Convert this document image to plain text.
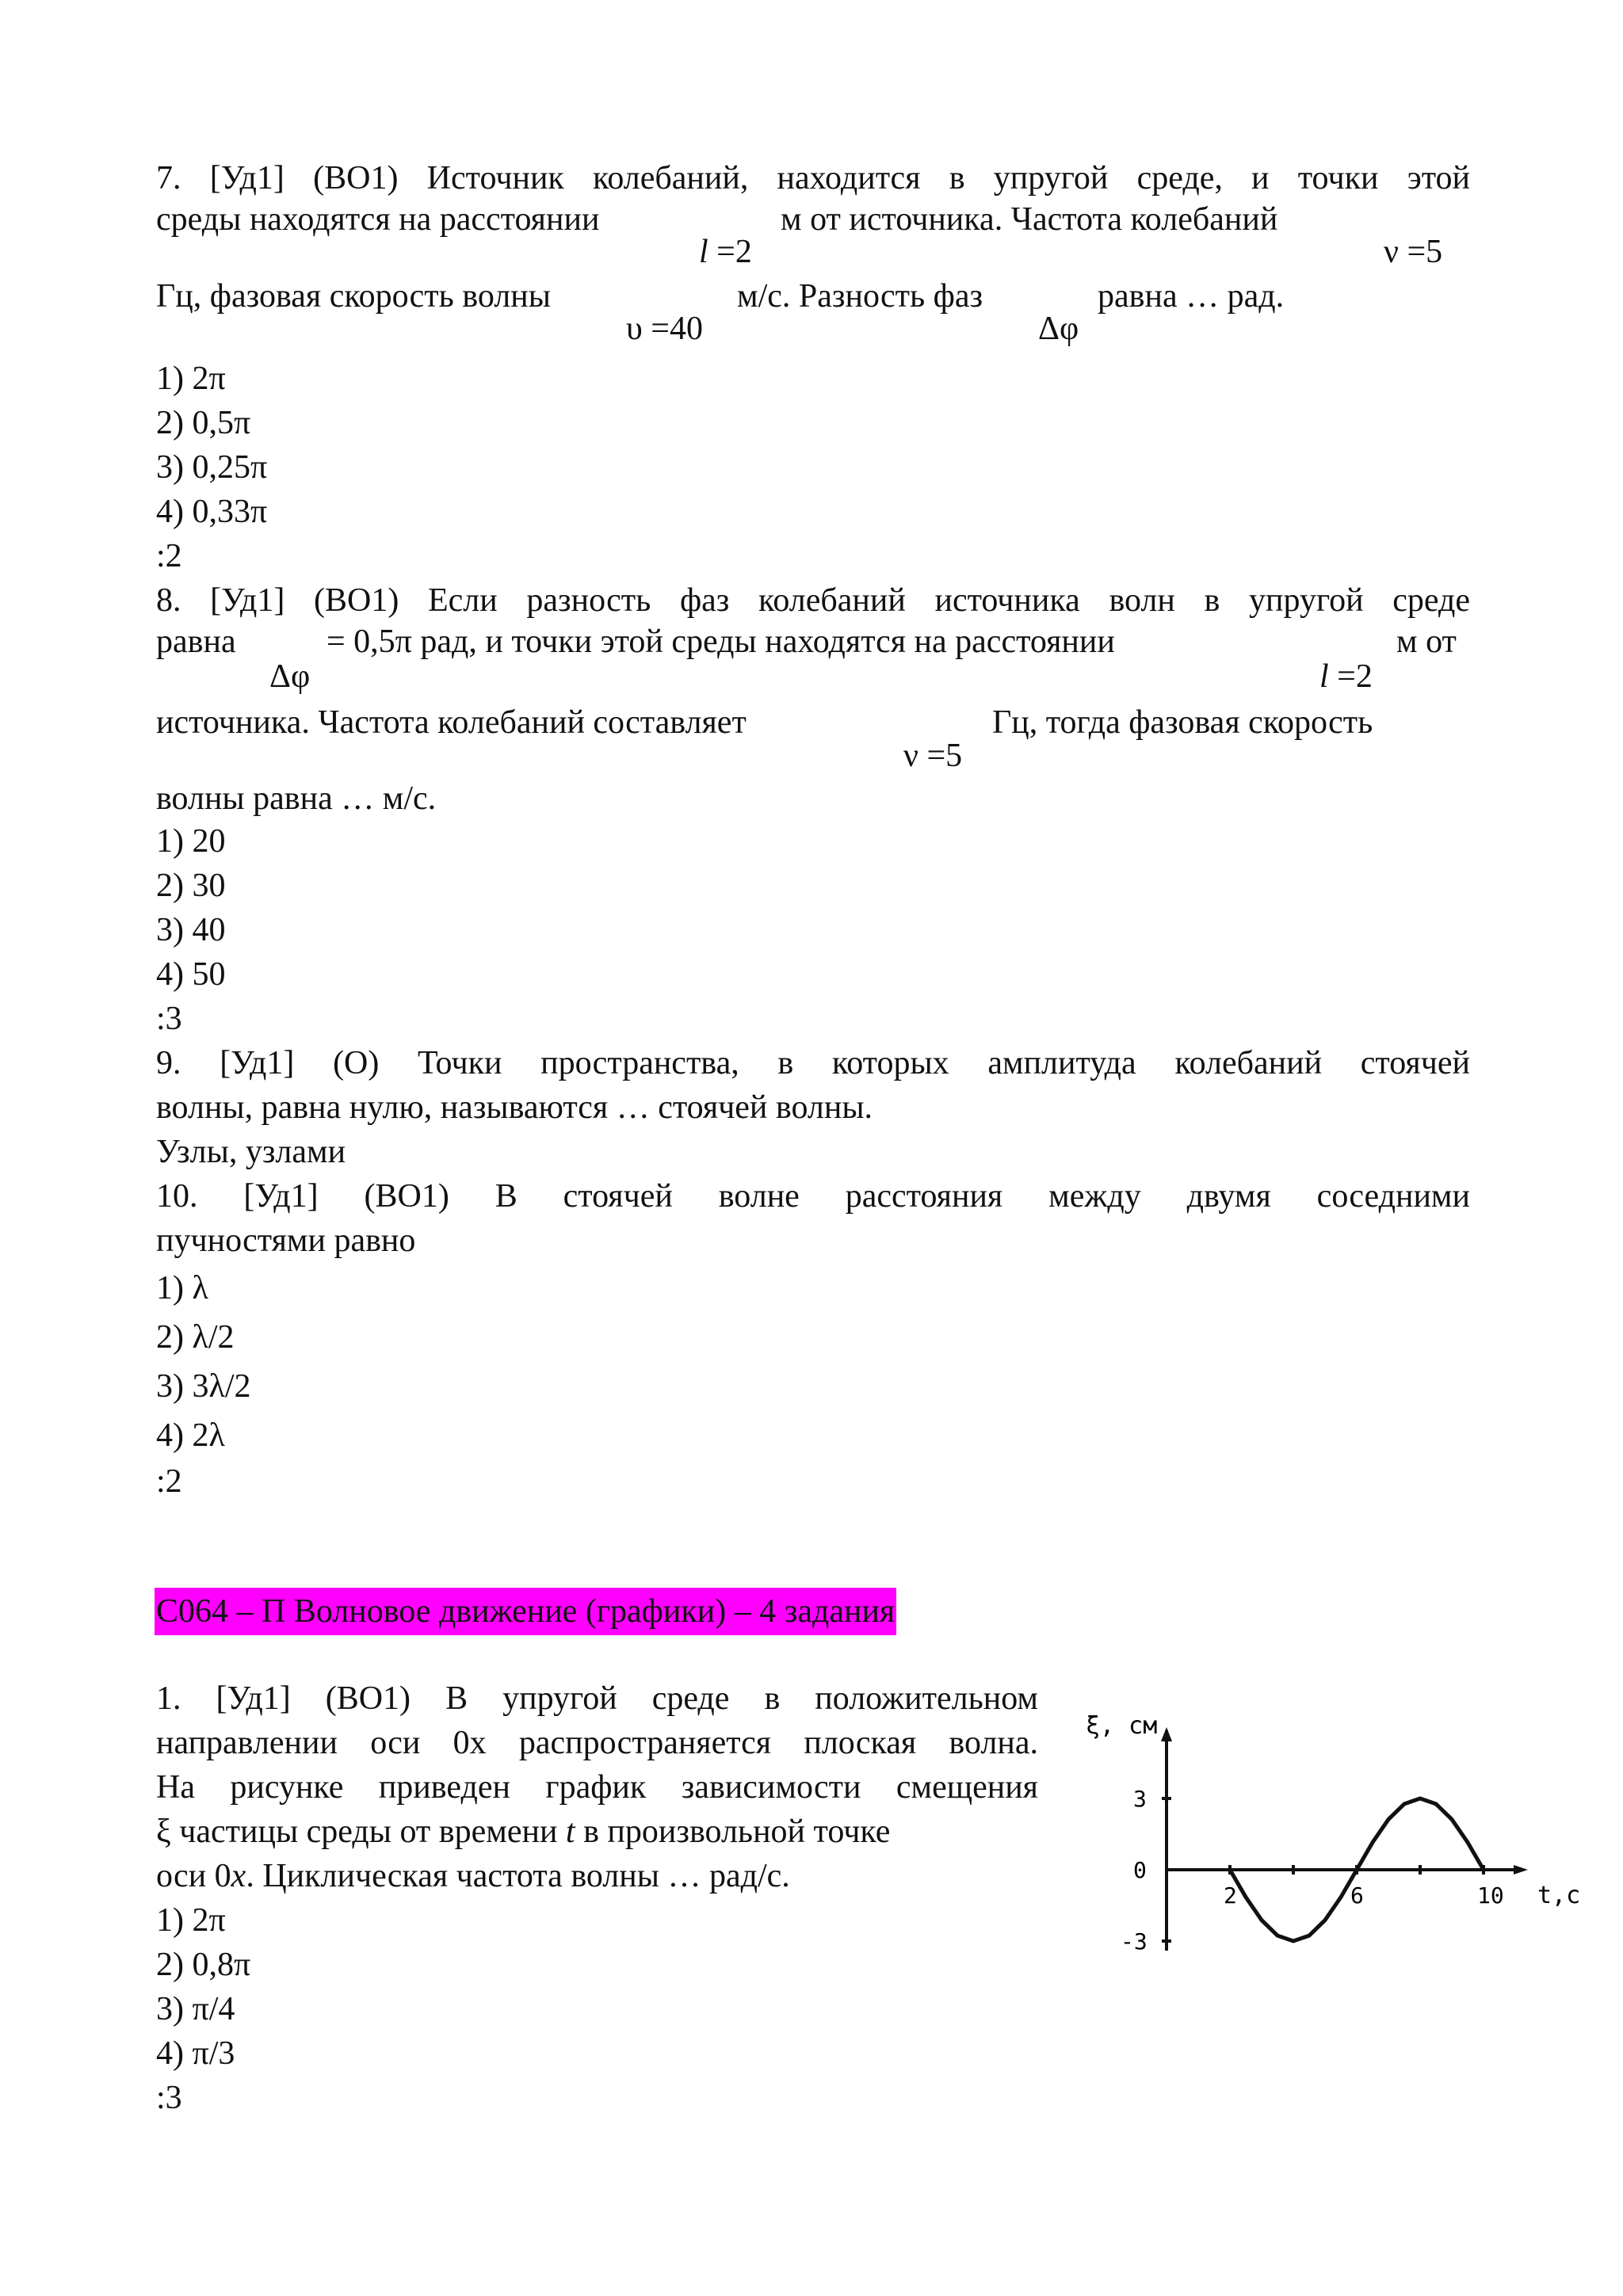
7. [Уд1] (ВО1) Источник колебаний, находится в упругой среде, и точки этой

среды находятся на расстоянии	м от источника. Частота колебаний
l =2	ν =5
Гц, фазовая скорость волны	м/с. Разность фаз	равна … рад.
υ =40	Δφ

1) 2π

2) 0,5π

3) 0,25π

4) 0,33π

:2

8. [Уд1] (ВО1) Если разность фаз колебаний источника волн в упругой среде

равна	= 0,5π рад, и точки этой среды находятся на расстоянии	м от
Δφ	l =2
источника. Частота колебаний составляет	Гц, тогда фазовая скорость
ν =5

волны равна … м/с.

1) 20

2) 30

3) 40

4) 50

:3

9. [Уд1] (О) Точки пространства, в которых амплитуда колебаний стоячей

волны, равна нулю, называются … стоячей волны.

Узлы, узлами

10. [Уд1] (ВО1) В стоячей волне расстояния между двумя соседними

пучностями равно

1) λ

2) λ/2

3) 3λ/2

4) 2λ

:2

С064 – П Волновое движение (графики) – 4 задания

1. [Уд1] (ВО1) В упругой среде в положительном

направлении оси 0x распространяется плоская волна.

На рисунке приведен график зависимости смещения

ξ частицы среды от времени t в произвольной точке

оси 0x. Циклическая частота волны … рад/с.

1) 2π

2) 0,8π

3) π/4

4) π/3

:3

ξ, см
t,c
2	6	10
3
0
-3
